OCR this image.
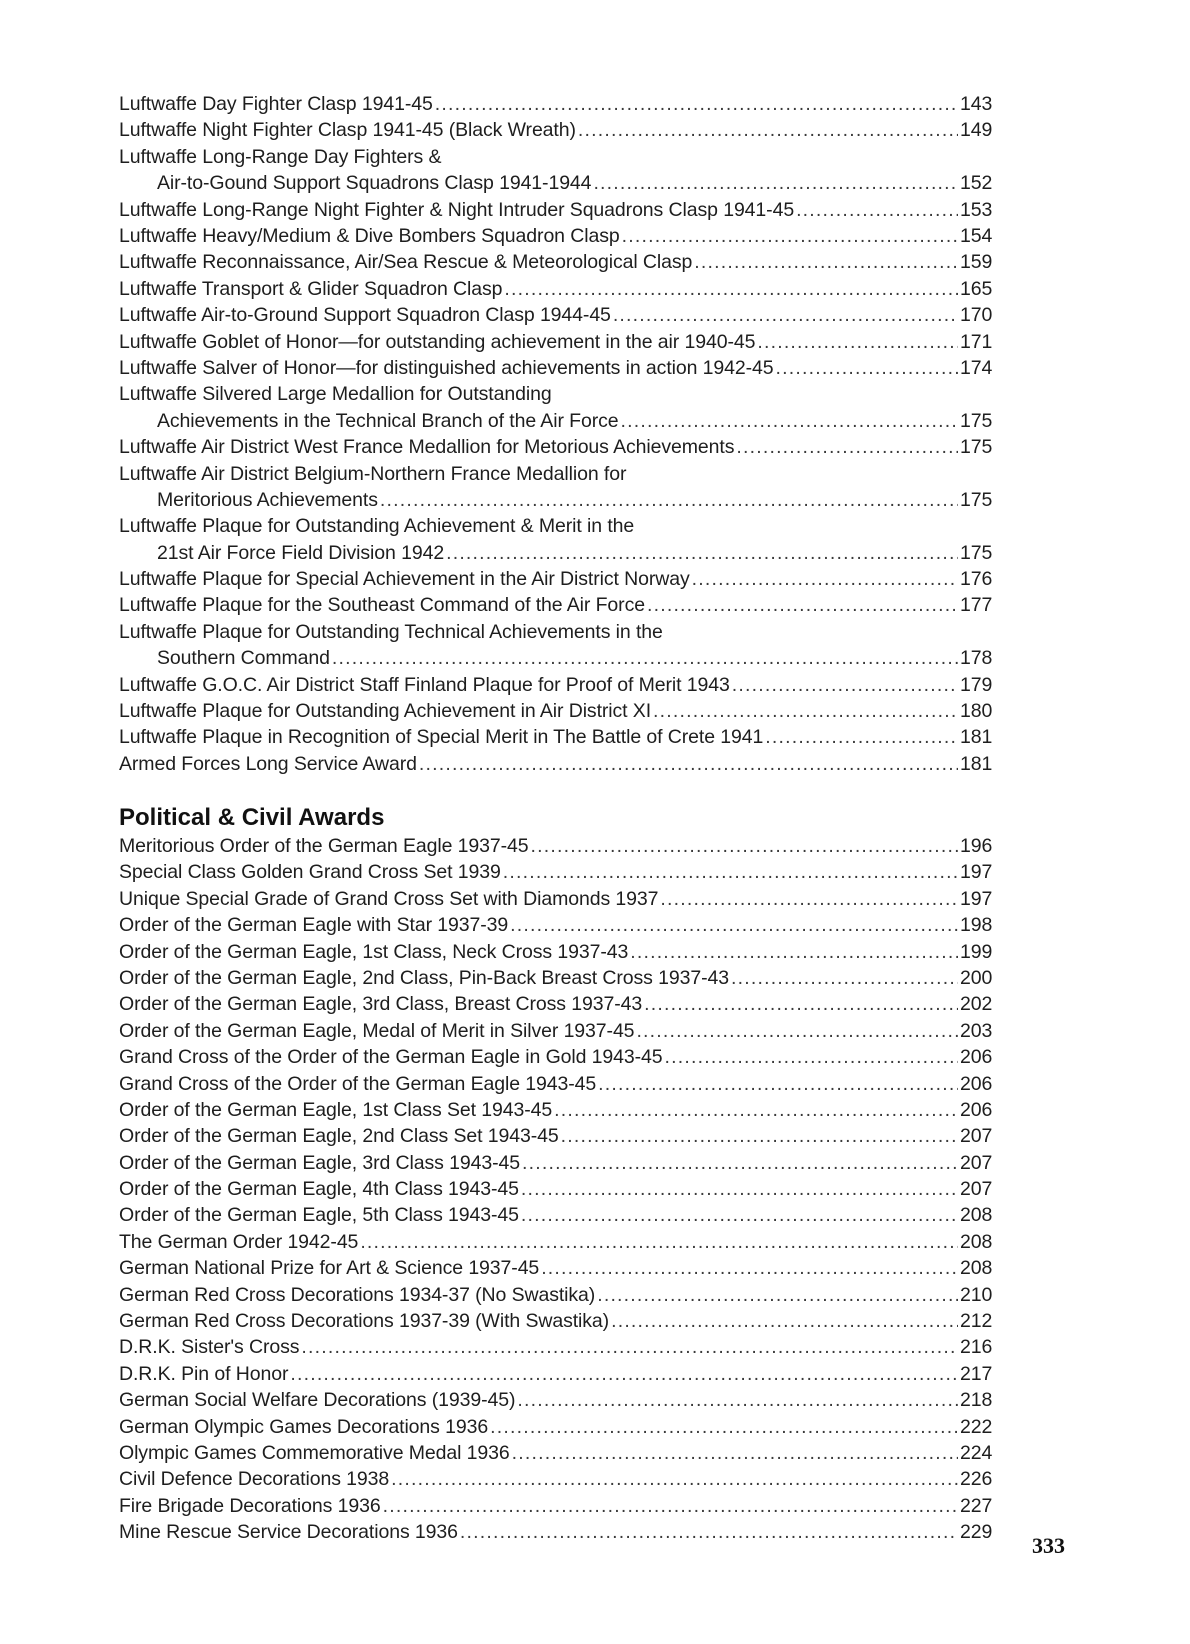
Luftwaffe Day Fighter Clasp 1941-45 .....	143
Luftwaffe Night Fighter Clasp 1941-45 (Black Wreath) .....	149
Luftwaffe Long-Range Day Fighters &
Air-to-Gound Support Squadrons Clasp 1941-1944 .....	152
Luftwaffe Long-Range Night Fighter & Night Intruder Squadrons Clasp 1941-45 .....	153
Luftwaffe Heavy/Medium & Dive Bombers Squadron Clasp .....	154
Luftwaffe Reconnaissance, Air/Sea Rescue & Meteorological Clasp .....	159
Luftwaffe Transport & Glider Squadron Clasp .....	165
Luftwaffe Air-to-Ground Support Squadron Clasp 1944-45 .....	170
Luftwaffe Goblet of Honor—for outstanding achievement in the air 1940-45 .....	171
Luftwaffe Salver of Honor—for distinguished achievements in action 1942-45 .....	174
Luftwaffe Silvered Large Medallion for Outstanding
Achievements in the Technical Branch of the Air Force .....	175
Luftwaffe Air District West France Medallion for Metorious Achievements .....	175
Luftwaffe Air District Belgium-Northern France Medallion for
Meritorious Achievements .....	175
Luftwaffe Plaque for Outstanding Achievement & Merit in the
21st Air Force Field Division 1942 .....	175
Luftwaffe Plaque for Special Achievement in the Air District Norway .....	176
Luftwaffe Plaque for the Southeast Command of the Air Force .....	177
Luftwaffe Plaque for Outstanding Technical Achievements in the
Southern Command .....	178
Luftwaffe G.O.C. Air District Staff Finland Plaque for Proof of Merit 1943 .....	179
Luftwaffe Plaque for Outstanding Achievement in Air District XI .....	180
Luftwaffe Plaque in Recognition of Special Merit in The Battle of Crete 1941 .....	181
Armed Forces Long Service Award .....	181
Political & Civil Awards
Meritorious Order of the German Eagle 1937-45 .....	196
Special Class Golden Grand Cross Set 1939 .....	197
Unique Special Grade of Grand Cross Set with Diamonds 1937 .....	197
Order of the German Eagle with Star 1937-39 .....	198
Order of the German Eagle, 1st Class, Neck Cross 1937-43 .....	199
Order of the German Eagle, 2nd Class, Pin-Back Breast Cross 1937-43 .....	200
Order of the German Eagle, 3rd Class, Breast Cross 1937-43 .....	202
Order of the German Eagle, Medal of Merit in Silver 1937-45 .....	203
Grand Cross of the Order of the German Eagle in Gold 1943-45 .....	206
Grand Cross of the Order of the German Eagle 1943-45 .....	206
Order of the German Eagle, 1st Class Set 1943-45 .....	206
Order of the German Eagle, 2nd Class Set 1943-45 .....	207
Order of the German Eagle, 3rd Class 1943-45 .....	207
Order of the German Eagle, 4th Class 1943-45 .....	207
Order of the German Eagle, 5th Class 1943-45 .....	208
The German Order 1942-45 .....	208
German National Prize for Art & Science 1937-45 .....	208
German Red Cross Decorations 1934-37 (No Swastika) .....	210
German Red Cross Decorations 1937-39 (With Swastika) .....	212
D.R.K. Sister's Cross .....	216
D.R.K. Pin of Honor .....	217
German Social Welfare Decorations (1939-45) .....	218
German Olympic Games Decorations 1936 .....	222
Olympic Games Commemorative Medal 1936 .....	224
Civil Defence Decorations 1938 .....	226
Fire Brigade Decorations 1936 .....	227
Mine Rescue Service Decorations 1936 .....	229
333
